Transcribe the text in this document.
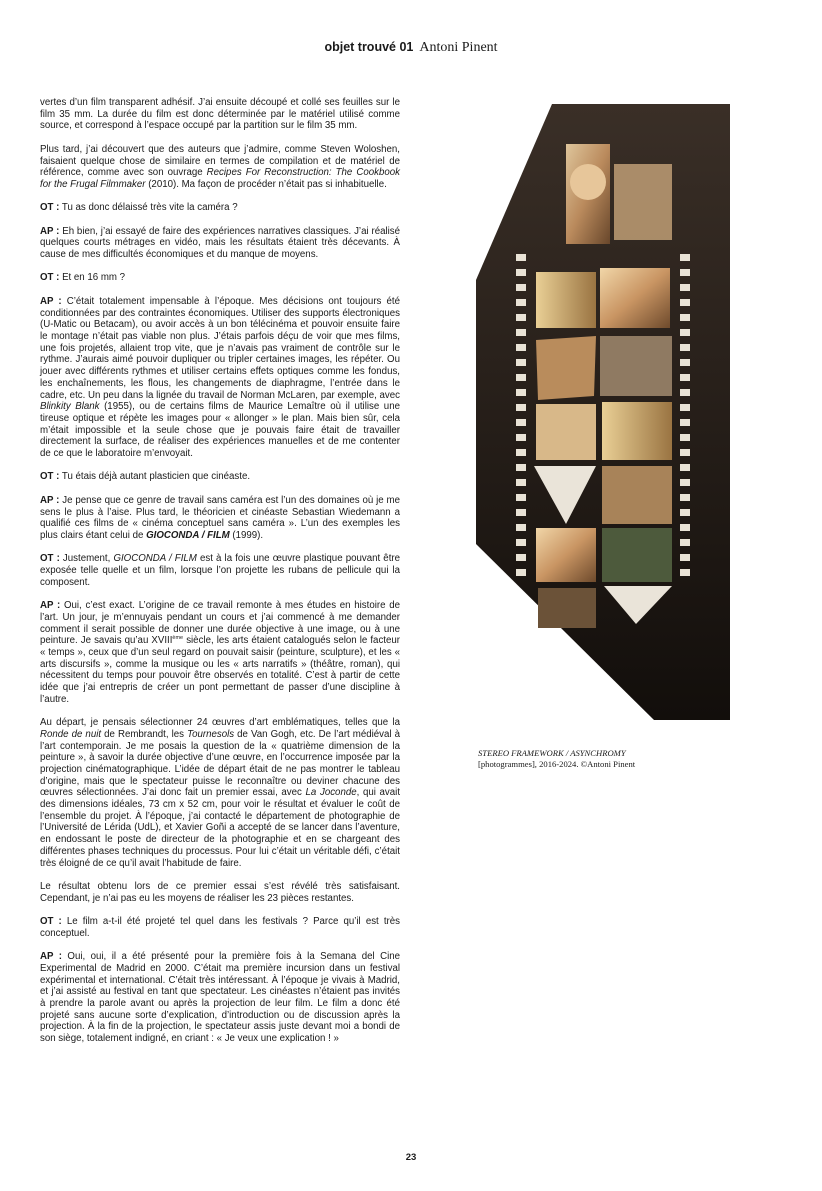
objet trouvé 01 Antoni Pinent

vertes d’un film transparent adhésif. J’ai ensuite découpé et collé ses feuilles sur le film 35 mm. La durée du film est donc déterminée par le matériel utilisé comme source, et correspond à l’espace occupé par la partition sur le film 35 mm.

Plus tard, j’ai découvert que des auteurs que j’admire, comme Steven Woloshen, faisaient quelque chose de similaire en termes de compilation et de matériel de référence, comme avec son ouvrage Recipes For Reconstruction: The Cookbook for the Frugal Filmmaker (2010). Ma façon de procéder n’était pas si inhabituelle.

OT : Tu as donc délaissé très vite la caméra ?

AP : Eh bien, j’ai essayé de faire des expériences narratives classiques. J’ai réalisé quelques courts métrages en vidéo, mais les résultats étaient très décevants. À cause de mes difficultés économiques et du manque de moyens.

OT : Et en 16 mm ?

AP : C’était totalement impensable à l’époque. Mes décisions ont toujours été conditionnées par des contraintes économiques. Utiliser des supports électroniques (U-Matic ou Betacam), ou avoir accès à un bon télécinéma et pouvoir ensuite faire le montage n’était pas viable non plus. J’étais parfois déçu de voir que mes films, une fois projetés, allaient trop vite, que je n’avais pas vraiment de contrôle sur le rythme. J’aurais aimé pouvoir dupliquer ou tripler certaines images, les répéter. Ou jouer avec différents rythmes et utiliser certains effets optiques comme les fondus, les enchaînements, les flous, les changements de diaphragme, l’entrée dans le cadre, etc. Un peu dans la lignée du travail de Norman McLaren, par exemple, avec Blinkity Blank (1955), ou de certains films de Maurice Lemaître où il utilise une tireuse optique et répète les images pour « allonger » le plan. Mais bien sûr, cela m’était impossible et la seule chose que je pouvais faire était de travailler directement la surface, de réaliser des expériences manuelles et de me contenter de ce que le laboratoire m’envoyait.

OT : Tu étais déjà autant plasticien que cinéaste.

AP : Je pense que ce genre de travail sans caméra est l’un des domaines où je me sens le plus à l’aise. Plus tard, le théoricien et cinéaste Sebastian Wiedemann a qualifié ces films de « cinéma conceptuel sans caméra ». L’un des exemples les plus clairs étant celui de GIOCONDA / FILM (1999).

OT : Justement, GIOCONDA / FILM est à la fois une œuvre plastique pouvant être exposée telle quelle et un film, lorsque l’on projette les rubans de pellicule qui la composent.

AP : Oui, c’est exact. L’origine de ce travail remonte à mes études en histoire de l’art. Un jour, je m’ennuyais pendant un cours et j’ai commencé à me demander comment il serait possible de donner une durée objective à une image, ou à une peinture. Je savais qu’au XVIIIème siècle, les arts étaient catalogués selon le facteur « temps », ceux que d’un seul regard on pouvait saisir (peinture, sculpture), et les « arts discursifs », comme la musique ou les « arts narratifs » (théâtre, roman), qui nécessitent du temps pour pouvoir être observés en totalité. C’est à partir de cette idée que j’ai entrepris de créer un pont permettant de passer d’une discipline à l’autre.

Au départ, je pensais sélectionner 24 œuvres d’art emblématiques, telles que la Ronde de nuit de Rembrandt, les Tournesols de Van Gogh, etc. De l’art médiéval à l’art contemporain. Je me posais la question de la « quatrième dimension de la peinture », à savoir la durée objective d’une œuvre, en l’occurrence imposée par la projection cinématographique. L’idée de départ était de ne pas montrer le tableau d’origine, mais que le spectateur puisse le reconnaître ou deviner chacune des œuvres sélectionnées. J’ai donc fait un premier essai, avec La Joconde, qui avait des dimensions idéales, 73 cm x 52 cm, pour voir le résultat et évaluer le coût de l’ensemble du projet. À l’époque, j’ai contacté le département de photographie de l’Université de Lérida (UdL), et Xavier Goñi a accepté de se lancer dans l’aventure, en endossant le poste de directeur de la photographie et en se chargeant des différentes phases techniques du processus. Pour lui c’était un véritable défi, c’était très éloigné de ce qu’il avait l’habitude de faire.

Le résultat obtenu lors de ce premier essai s’est révélé très satisfaisant. Cependant, je n’ai pas eu les moyens de réaliser les 23 pièces restantes.

OT : Le film a-t-il été projeté tel quel dans les festivals ? Parce qu’il est très conceptuel.

AP : Oui, oui, il a été présenté pour la première fois à la Semana del Cine Experimental de Madrid en 2000. C’était ma première incursion dans un festival expérimental et international. C’était très intéressant. À l’époque je vivais à Madrid, et j’ai assisté au festival en tant que spectateur. Les cinéastes n’étaient pas invités à prendre la parole avant ou après la projection de leur film. Le film a donc été projeté sans aucune sorte d’explication, d’introduction ou de discussion après la projection. À la fin de la projection, le spectateur assis juste devant moi a bondi de son siège, totalement indigné, en criant : « Je veux une explication ! »

STEREO FRAMEWORK / ASYNCHROMY
[photogrammes], 2016-2024. ©Antoni Pinent
23
